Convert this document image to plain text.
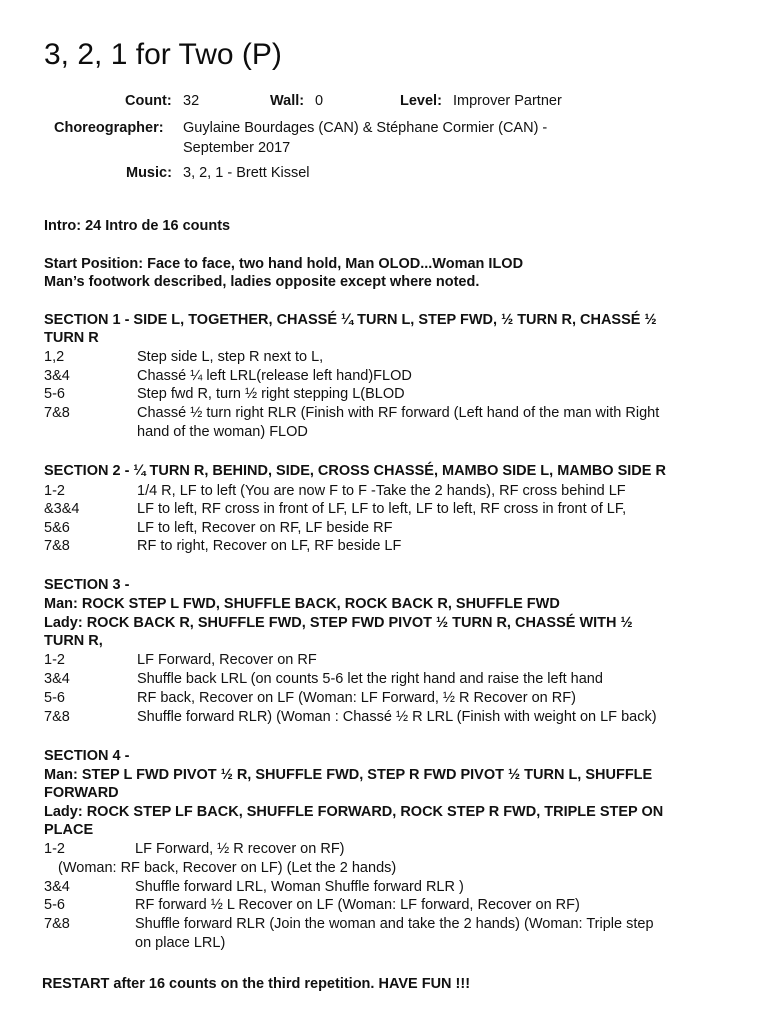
3, 2, 1 for Two (P)
Count: 32	Wall: 0	Level: Improver Partner
Choreographer: Guylaine Bourdages (CAN) & Stéphane Cormier (CAN) -
September 2017
Music: 3, 2, 1 - Brett Kissel
Intro: 24 Intro de 16 counts
Start Position: Face to face, two hand hold, Man OLOD...Woman ILOD
Man’s footwork described, ladies opposite except where noted.
SECTION 1 - SIDE L, TOGETHER, CHASSÉ ¼ TURN L, STEP FWD, ½ TURN R, CHASSÉ ½
TURN R
1,2	Step side L, step R next to L,
3&4	Chassé ¼ left LRL(release left hand)FLOD
5-6	Step fwd R, turn ½ right stepping L(BLOD
7&8	Chassé ½ turn right RLR (Finish with RF forward (Left hand of the man with Right
hand of the woman) FLOD
SECTION 2 - ¼ TURN R, BEHIND, SIDE, CROSS CHASSÉ, MAMBO SIDE L, MAMBO SIDE R
1-2	1/4 R, LF to left (You are now F to F -Take the 2 hands), RF cross behind LF
&3&4	LF to left, RF cross in front of LF, LF to left, LF to left, RF cross in front of LF,
5&6	LF to left, Recover on RF, LF beside RF
7&8	RF to right, Recover on LF, RF beside LF
SECTION 3 -
Man: ROCK STEP L FWD, SHUFFLE BACK, ROCK BACK R, SHUFFLE FWD
Lady: ROCK BACK R, SHUFFLE FWD, STEP FWD PIVOT ½ TURN R, CHASSÉ WITH ½
TURN R,
1-2	LF Forward, Recover on RF
3&4	Shuffle back LRL (on counts 5-6 let the right hand and raise the left hand
5-6	RF back, Recover on LF (Woman: LF Forward, ½ R Recover on RF)
7&8	Shuffle forward RLR) (Woman : Chassé ½ R LRL (Finish with weight on LF back)
SECTION 4 -
Man: STEP L FWD PIVOT ½ R, SHUFFLE FWD, STEP R FWD PIVOT ½ TURN L, SHUFFLE
FORWARD
Lady: ROCK STEP LF BACK, SHUFFLE FORWARD, ROCK STEP R FWD, TRIPLE STEP ON
PLACE
1-2	LF Forward, ½ R recover on RF)
(Woman: RF back, Recover on LF) (Let the 2 hands)
3&4	Shuffle forward LRL, Woman Shuffle forward RLR )
5-6	RF forward ½ L Recover on LF (Woman: LF forward, Recover on RF)
7&8	Shuffle forward RLR (Join the woman and take the 2 hands) (Woman: Triple step
on place LRL)
RESTART after 16 counts on the third repetition. HAVE FUN !!!
